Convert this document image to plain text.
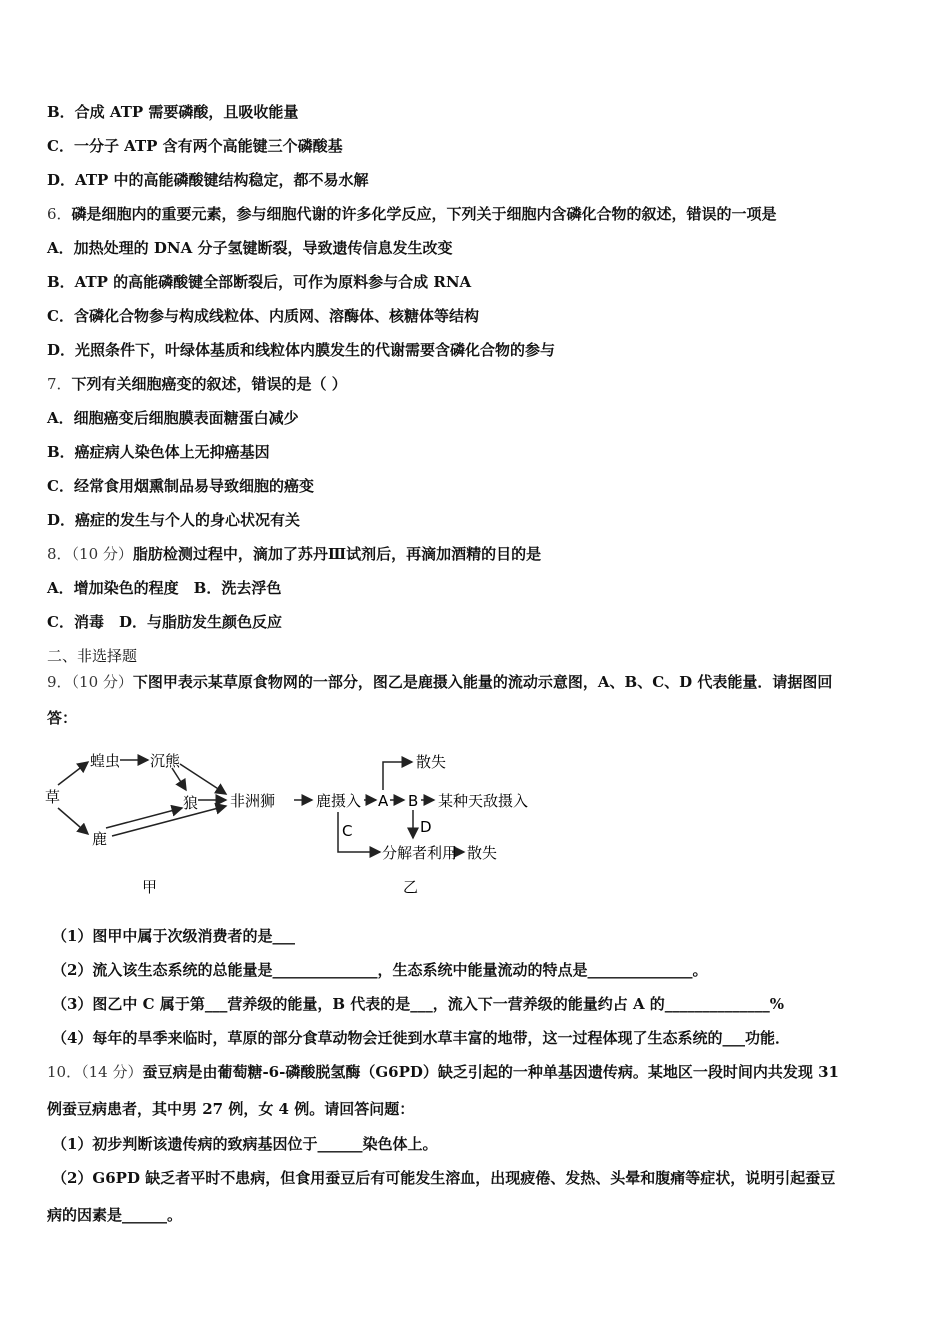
B．合成 ATP 需要磷酸，且吸收能量
C．一分子 ATP 含有两个高能键三个磷酸基
D．ATP 中的高能磷酸键结构稳定，都不易水解
6．磷是细胞内的重要元素，参与细胞代谢的许多化学反应，下列关于细胞内含磷化合物的叙述，错误的一项是
A．加热处理的 DNA 分子氢键断裂，导致遗传信息发生改变
B．ATP 的高能磷酸键全部断裂后，可作为原料参与合成 RNA
C．含磷化合物参与构成线粒体、内质网、溶酶体、核糖体等结构
D．光照条件下，叶绿体基质和线粒体内膜发生的代谢需要含磷化合物的参与
7．下列有关细胞癌变的叙述，错误的是（ ）
A．细胞癌变后细胞膜表面糖蛋白减少
B．癌症病人染色体上无抑癌基因
C．经常食用烟熏制品易导致细胞的癌变
D．癌症的发生与个人的身心状况有关
8．（10 分）脂肪检测过程中，滴加了苏丹Ⅲ试剂后，再滴加酒精的目的是
A．增加染色的程度　B．洗去浮色
C．消毒　D．与脂肪发生颜色反应
二、非选择题
9．（10 分）下图甲表示某草原食物网的一部分，图乙是鹿摄入能量的流动示意图，A、B、C、D 代表能量．请据图回
答：
草
蝗虫 沉熊
狼 非洲狮
鹿
甲
鹿摄入 A B 某种天敌摄入
散失
C	D
分解者利用 散失
乙
（1）图甲中属于次级消费者的是___
（2）流入该生态系统的总能量是______________，生态系统中能量流动的特点是______________。
（3）图乙中 C 属于第___营养级的能量，B 代表的是___，流入下一营养级的能量约占 A 的______________%
（4）每年的旱季来临时，草原的部分食草动物会迁徙到水草丰富的地带，这一过程体现了生态系统的___功能．
10．（14 分）蚕豆病是由葡萄糖-6-磷酸脱氢酶（G6PD）缺乏引起的一种单基因遗传病。某地区一段时间内共发现 31
例蚕豆病患者，其中男 27 例，女 4 例。请回答问题：
（1）初步判断该遗传病的致病基因位于______染色体上。
（2）G6PD 缺乏者平时不患病，但食用蚕豆后有可能发生溶血，出现疲倦、发热、头晕和腹痛等症状，说明引起蚕豆
病的因素是______。
